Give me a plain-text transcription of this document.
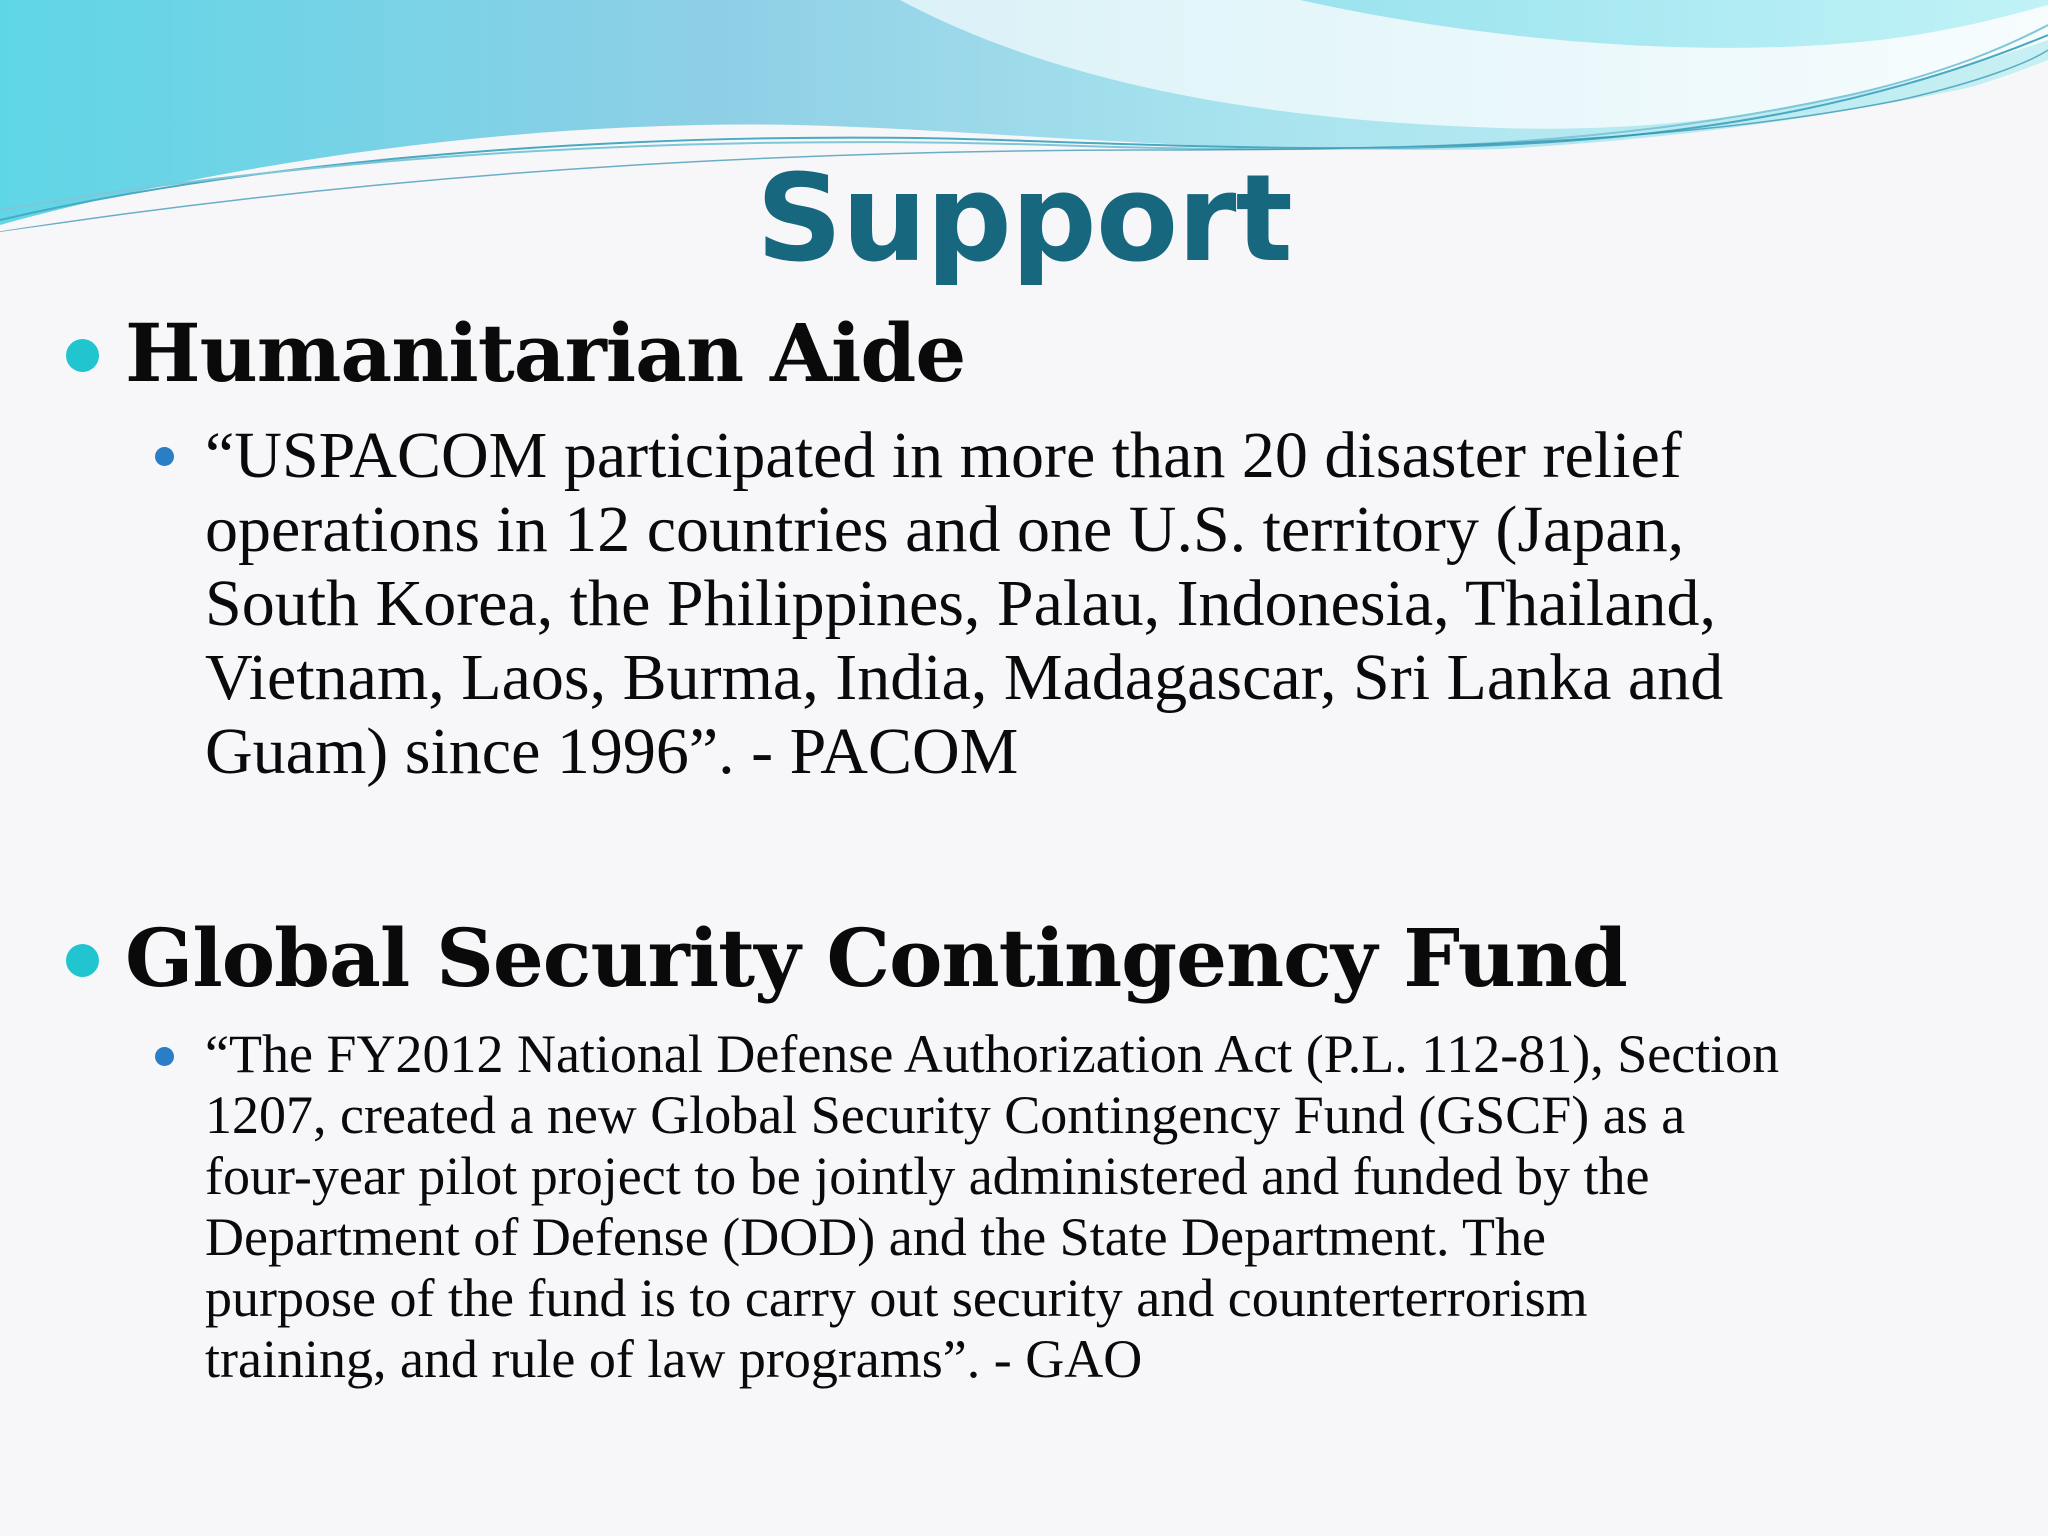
Support
Humanitarian Aide

“USPACOM participated in more than 20 disaster relief
operations in 12 countries and one U.S. territory (Japan,
South Korea, the Philippines, Palau, Indonesia, Thailand,
Vietnam, Laos, Burma, India, Madagascar, Sri Lanka and
Guam) since 1996”. - PACOM

Global Security Contingency Fund

“The FY2012 National Defense Authorization Act (P.L. 112-81), Section
1207, created a new Global Security Contingency Fund (GSCF) as a
four-year pilot project to be jointly administered and funded by the
Department of Defense (DOD) and the State Department. The
purpose of the fund is to carry out security and counterterrorism
training, and rule of law programs”. - GAO
